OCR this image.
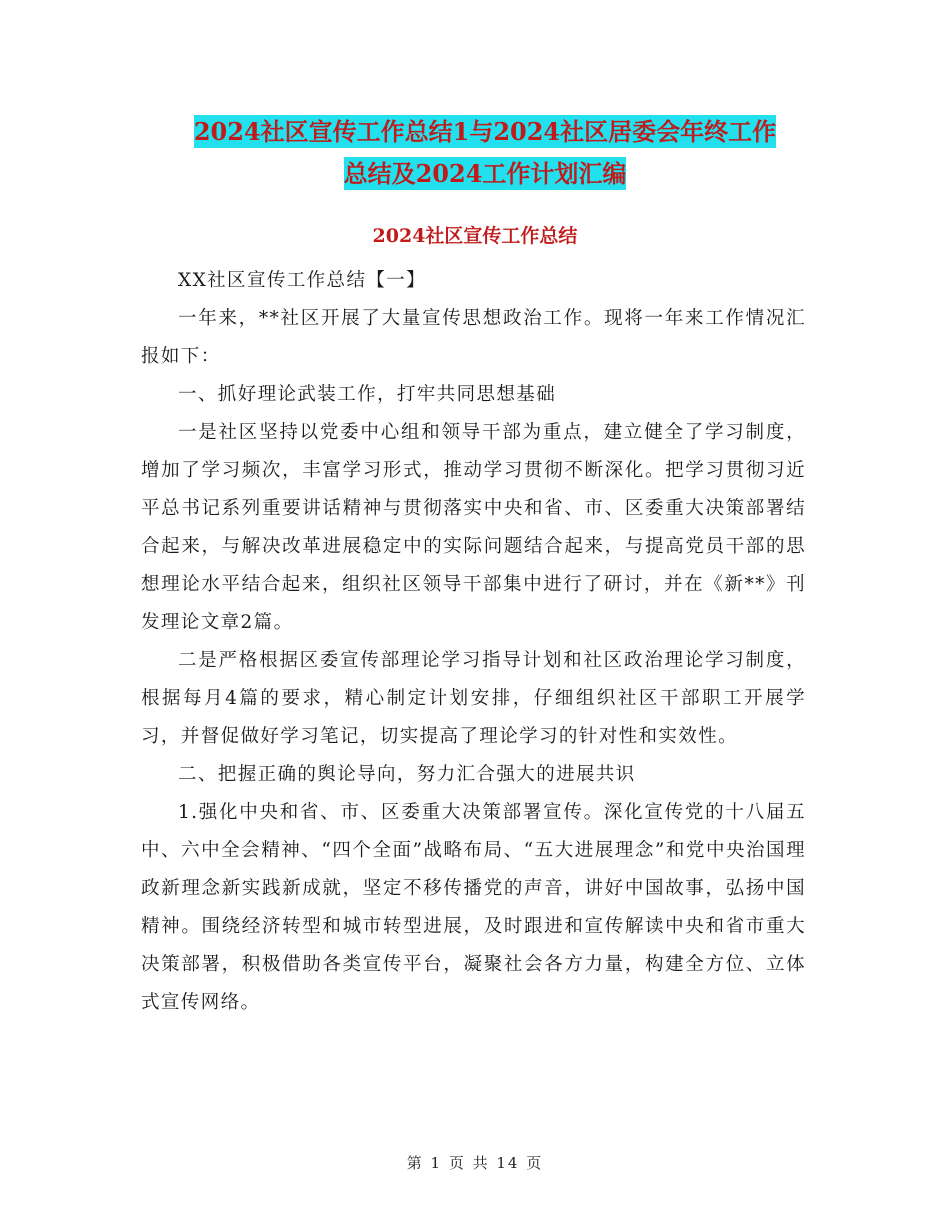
2024社区宣传工作总结1与2024社区居委会年终工作
总结及2024工作计划汇编
2024社区宣传工作总结

XX社区宣传工作总结【一】

一年来，**社区开展了大量宣传思想政治工作。现将一年来工作情况汇报如下：

一、抓好理论武装工作，打牢共同思想基础

一是社区坚持以党委中心组和领导干部为重点，建立健全了学习制度，增加了学习频次，丰富学习形式，推动学习贯彻不断深化。把学习贯彻习近平总书记系列重要讲话精神与贯彻落实中央和省、市、区委重大决策部署结合起来，与解决改革进展稳定中的实际问题结合起来，与提高党员干部的思想理论水平结合起来，组织社区领导干部集中进行了研讨，并在《新**》刊发理论文章2篇。

二是严格根据区委宣传部理论学习指导计划和社区政治理论学习制度，根据每月4篇的要求，精心制定计划安排，仔细组织社区干部职工开展学习，并督促做好学习笔记，切实提高了理论学习的针对性和实效性。

二、把握正确的舆论导向，努力汇合强大的进展共识

1.强化中央和省、市、区委重大决策部署宣传。深化宣传党的十八届五中、六中全会精神、“四个全面”战略布局、“五大进展理念”和党中央治国理政新理念新实践新成就，坚定不移传播党的声音，讲好中国故事，弘扬中国精神。围绕经济转型和城市转型进展，及时跟进和宣传解读中央和省市重大决策部署，积极借助各类宣传平台，凝聚社会各方力量，构建全方位、立体式宣传网络。

第 1 页 共 14 页
